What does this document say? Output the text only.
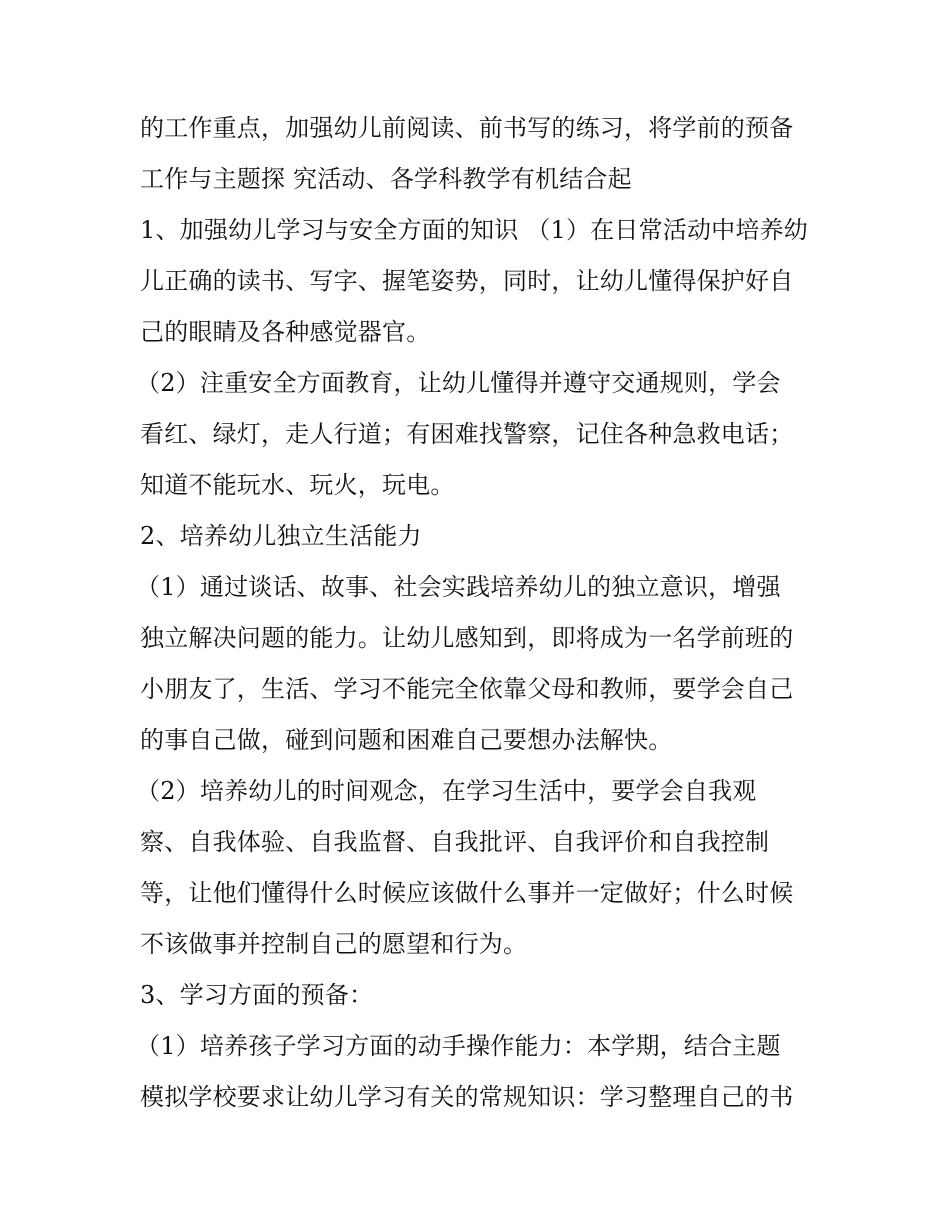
的工作重点，加强幼儿前阅读、前书写的练习，将学前的预备
工作与主题探 究活动、各学科教学有机结合起
1、加强幼儿学习与安全方面的知识 （1）在日常活动中培养幼
儿正确的读书、写字、握笔姿势，同时，让幼儿懂得保护好自
己的眼睛及各种感觉器官。
（2）注重安全方面教育，让幼儿懂得并遵守交通规则，学会
看红、绿灯，走人行道；有困难找警察，记住各种急救电话；
知道不能玩水、玩火，玩电。
2、培养幼儿独立生活能力
（1）通过谈话、故事、社会实践培养幼儿的独立意识，增强
独立解决问题的能力。让幼儿感知到，即将成为一名学前班的
小朋友了，生活、学习不能完全依靠父母和教师，要学会自己
的事自己做，碰到问题和困难自己要想办法解快。
（2）培养幼儿的时间观念，在学习生活中，要学会自我观
察、自我体验、自我监督、自我批评、自我评价和自我控制
等，让他们懂得什么时候应该做什么事并一定做好；什么时候
不该做事并控制自己的愿望和行为。
3、学习方面的预备：
（1）培养孩子学习方面的动手操作能力：本学期，结合主题
模拟学校要求让幼儿学习有关的常规知识：学习整理自己的书
